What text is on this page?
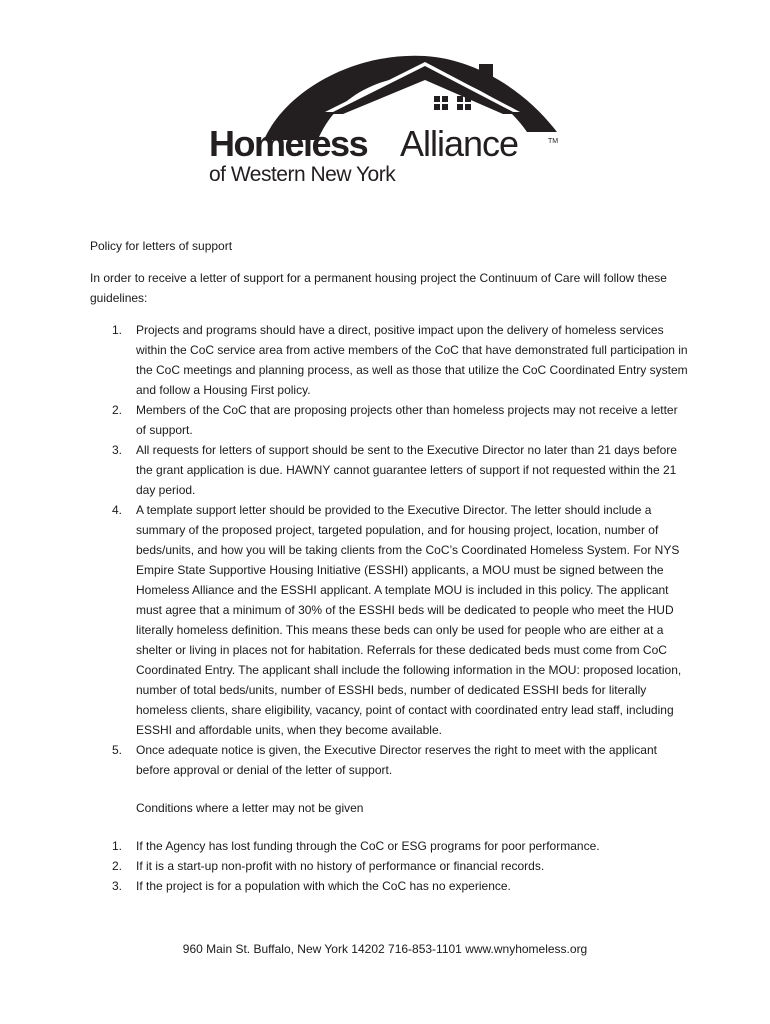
Homeless Alliance	TM
of Western New York

Policy for letters of support

In order to receive a letter of support for a permanent housing project the Continuum of Care will follow these guidelines:

1. Projects and programs should have a direct, positive impact upon the delivery of homeless services within the CoC service area from active members of the CoC that have demonstrated full participation in the CoC meetings and planning process, as well as those that utilize the CoC Coordinated Entry system and follow a Housing First policy.
2. Members of the CoC that are proposing projects other than homeless projects may not receive a letter of support.
3. All requests for letters of support should be sent to the Executive Director no later than 21 days before the grant application is due. HAWNY cannot guarantee letters of support if not requested within the 21 day period.
4. A template support letter should be provided to the Executive Director. The letter should include a summary of the proposed project, targeted population, and for housing project, location, number of beds/units, and how you will be taking clients from the CoC’s Coordinated Homeless System. For NYS Empire State Supportive Housing Initiative (ESSHI) applicants, a MOU must be signed between the Homeless Alliance and the ESSHI applicant. A template MOU is included in this policy. The applicant must agree that a minimum of 30% of the ESSHI beds will be dedicated to people who meet the HUD literally homeless definition. This means these beds can only be used for people who are either at a shelter or living in places not for habitation. Referrals for these dedicated beds must come from CoC Coordinated Entry. The applicant shall include the following information in the MOU: proposed location, number of total beds/units, number of ESSHI beds, number of dedicated ESSHI beds for literally homeless clients, share eligibility, vacancy, point of contact with coordinated entry lead staff, including ESSHI and affordable units, when they become available.
5. Once adequate notice is given, the Executive Director reserves the right to meet with the applicant before approval or denial of the letter of support.

Conditions where a letter may not be given

1. If the Agency has lost funding through the CoC or ESG programs for poor performance.
2. If it is a start-up non-profit with no history of performance or financial records.
3. If the project is for a population with which the CoC has no experience.
960 Main St. Buffalo, New York 14202 716-853-1101 www.wnyhomeless.org
